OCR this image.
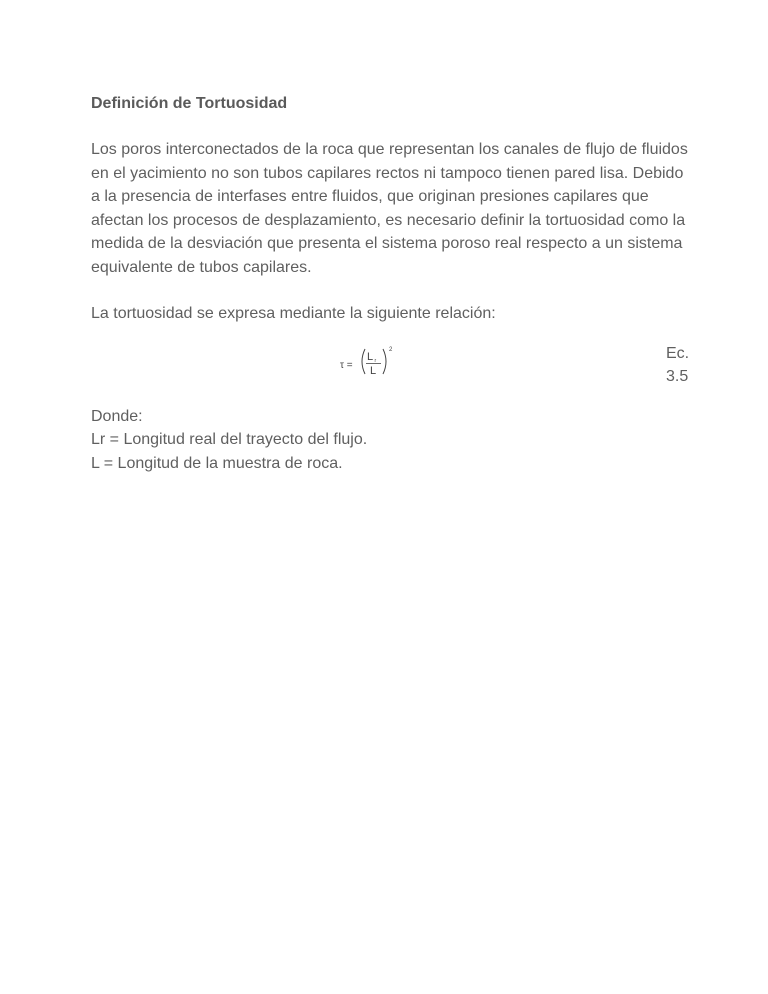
Definición de Tortuosidad

Los poros interconectados de la roca que representan los canales de flujo de fluidos en el yacimiento no son tubos capilares rectos ni tampoco tienen pared lisa. Debido a la presencia de interfases entre fluidos, que originan presiones capilares que afectan los procesos de desplazamiento, es necesario definir la tortuosidad como la medida de la desviación que presenta el sistema poroso real respecto a un sistema equivalente de tubos capilares.

La tortuosidad se expresa mediante la siguiente relación:

τ =
L r
L
2	Ec.
3.5
Donde:
Lr = Longitud real del trayecto del flujo.
L = Longitud de la muestra de roca.
